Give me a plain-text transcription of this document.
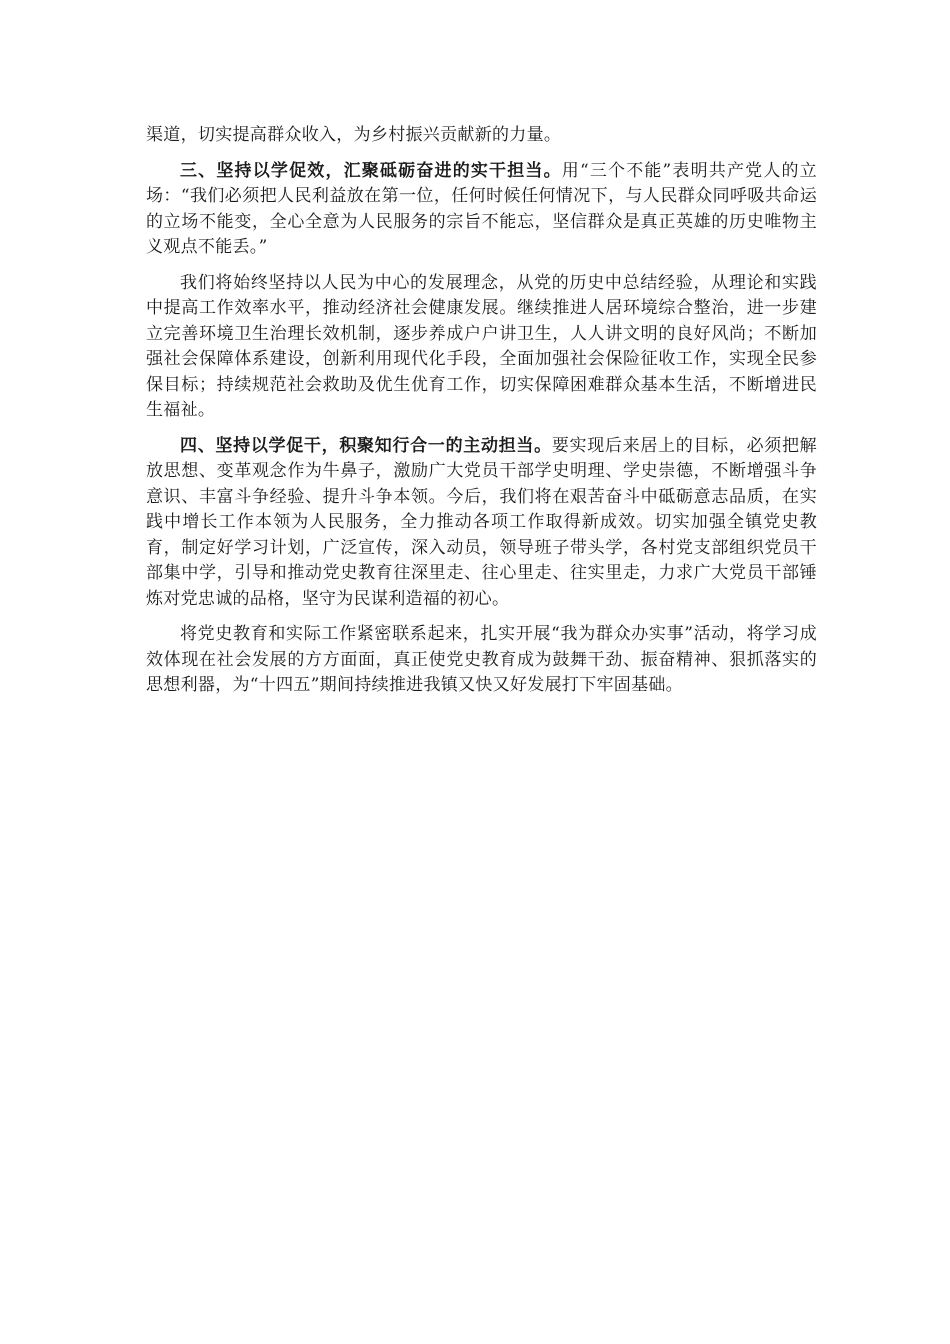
渠道，切实提高群众收入，为乡村振兴贡献新的力量。

三、坚持以学促效，汇聚砥砺奋进的实干担当。用“三个不能”表明共产党人的立场：“我们必须把人民利益放在第一位，任何时候任何情况下，与人民群众同呼吸共命运的立场不能变，全心全意为人民服务的宗旨不能忘，坚信群众是真正英雄的历史唯物主义观点不能丢。”

我们将始终坚持以人民为中心的发展理念，从党的历史中总结经验，从理论和实践中提高工作效率水平，推动经济社会健康发展。继续推进人居环境综合整治，进一步建立完善环境卫生治理长效机制，逐步养成户户讲卫生，人人讲文明的良好风尚；不断加强社会保障体系建设，创新利用现代化手段，全面加强社会保险征收工作，实现全民参保目标；持续规范社会救助及优生优育工作，切实保障困难群众基本生活，不断增进民生福祉。

四、坚持以学促干，积聚知行合一的主动担当。要实现后来居上的目标，必须把解放思想、变革观念作为牛鼻子，激励广大党员干部学史明理、学史崇德，不断增强斗争意识、丰富斗争经验、提升斗争本领。今后，我们将在艰苦奋斗中砥砺意志品质，在实践中增长工作本领为人民服务，全力推动各项工作取得新成效。切实加强全镇党史教育，制定好学习计划，广泛宣传，深入动员，领导班子带头学，各村党支部组织党员干部集中学，引导和推动党史教育往深里走、往心里走、往实里走，力求广大党员干部锤炼对党忠诚的品格，坚守为民谋利造福的初心。

将党史教育和实际工作紧密联系起来，扎实开展“我为群众办实事”活动，将学习成效体现在社会发展的方方面面，真正使党史教育成为鼓舞干劲、振奋精神、狠抓落实的思想利器，为“十四五”期间持续推进我镇又快又好发展打下牢固基础。
